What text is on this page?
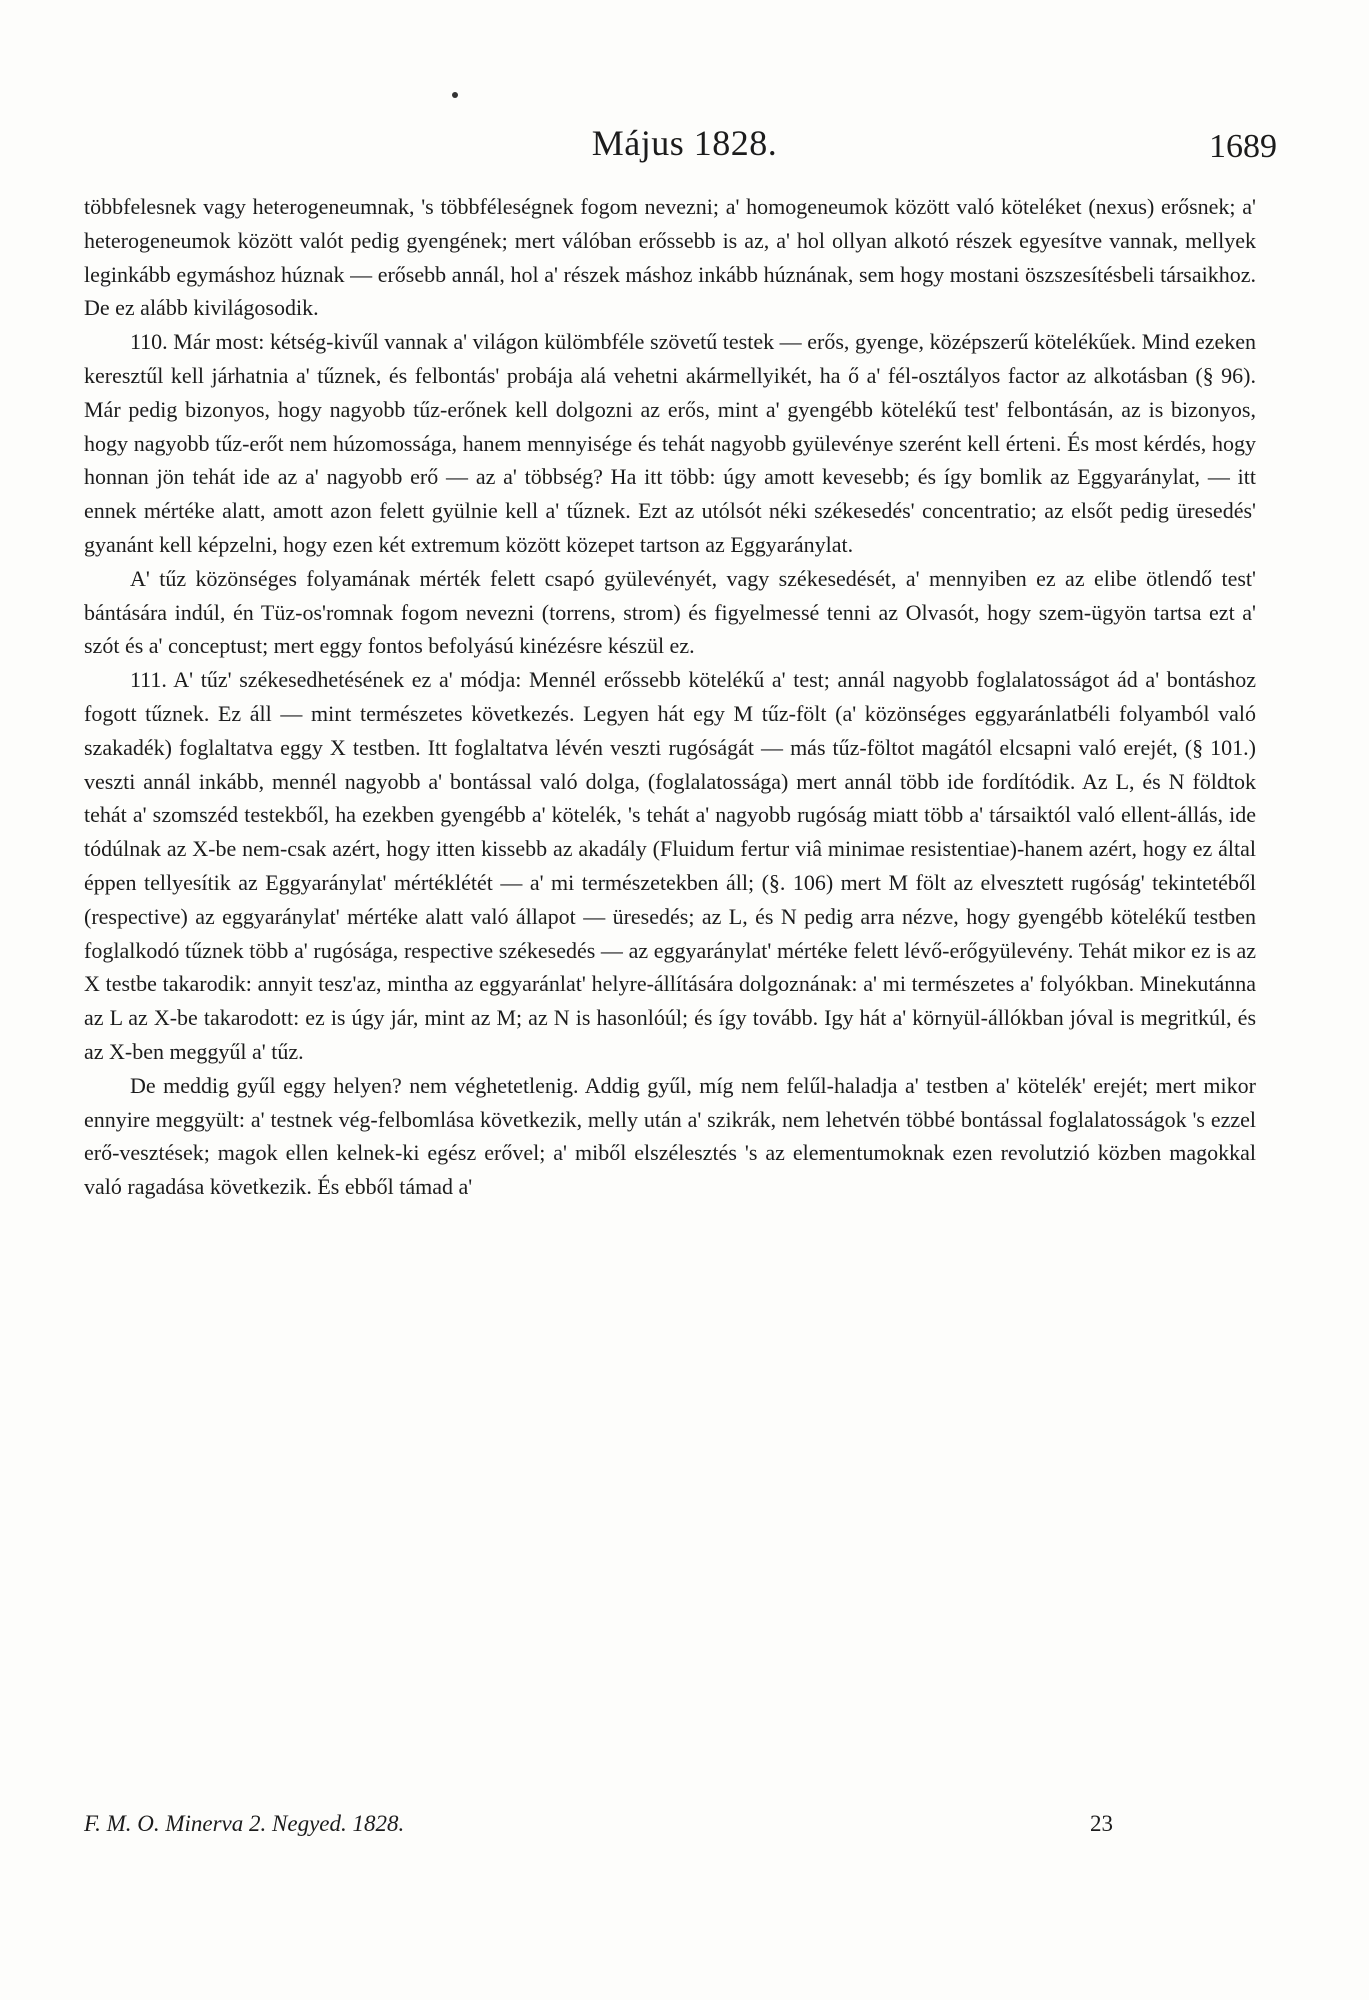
Május 1828.	1689

többfelesnek vagy heterogeneumnak, 's többféleségnek fogom nevezni; a' homogeneumok között való köteléket (nexus) erősnek; a' heterogeneumok között valót pedig gyengének; mert válóban erőssebb is az, a' hol ollyan alkotó részek egyesítve vannak, mellyek leginkább egymáshoz húznak — erősebb annál, hol a' részek máshoz inkább húznának, sem hogy mostani öszszesítésbeli társaikhoz. De ez alább kivilágosodik.

110. Már most: kétség-kivűl vannak a' világon külömbféle szövetű testek — erős, gyenge, középszerű kötelékűek. Mind ezeken keresztűl kell járhatnia a' tűznek, és felbontás' probája alá vehetni akármellyikét, ha ő a' fél-osztályos factor az alkotásban (§ 96). Már pedig bizonyos, hogy nagyobb tűz-erőnek kell dolgozni az erős, mint a' gyengébb kötelékű test' felbontásán, az is bizonyos, hogy nagyobb tűz-erőt nem húzomossága, hanem mennyisége és tehát nagyobb gyülevénye szerént kell érteni. És most kérdés, hogy honnan jön tehát ide az a' nagyobb erő — az a' többség? Ha itt több: úgy amott kevesebb; és így bomlik az Eggyaránylat, — itt ennek mértéke alatt, amott azon felett gyülnie kell a' tűznek. Ezt az utólsót néki székesedés' concentratio; az elsőt pedig üresedés' gyanánt kell képzelni, hogy ezen két extremum között közepet tartson az Eggyaránylat.

A' tűz közönséges folyamának mérték felett csapó gyülevényét, vagy székesedését, a' mennyiben ez az elibe ötlendő test' bántására indúl, én Tüz-os'romnak fogom nevezni (torrens, strom) és figyelmessé tenni az Olvasót, hogy szem-ügyön tartsa ezt a' szót és a' conceptust; mert eggy fontos befolyású kinézésre készül ez.

111. A' tűz' székesedhetésének ez a' módja: Mennél erőssebb kötelékű a' test; annál nagyobb foglalatosságot ád a' bontáshoz fogott tűznek. Ez áll — mint természetes következés. Legyen hát egy M tűz-fölt (a' közönséges eggyaránlatbéli folyamból való szakadék) foglaltatva eggy X testben. Itt foglaltatva lévén veszti rugóságát — más tűz-föltot magától elcsapni való erejét, (§ 101.) veszti annál inkább, mennél nagyobb a' bontással való dolga, (foglalatossága) mert annál több ide fordítódik. Az L, és N földtok tehát a' szomszéd testekből, ha ezekben gyengébb a' kötelék, 's tehát a' nagyobb rugóság miatt több a' társaiktól való ellent-állás, ide tódúlnak az X-be nem-csak azért, hogy itten kissebb az akadály (Fluidum fertur viâ minimae resistentiae)-hanem azért, hogy ez által éppen tellyesítik az Eggyaránylat' mértéklétét — a' mi természetekben áll; (§. 106) mert M fölt az elvesztett rugóság' tekintetéből (respective) az eggyaránylat' mértéke alatt való állapot — üresedés; az L, és N pedig arra nézve, hogy gyengébb kötelékű testben foglalkodó tűznek több a' rugósága, respective székesedés — az eggyaránylat' mértéke felett lévő-erőgyülevény. Tehát mikor ez is az X testbe takarodik: annyit tesz'az, mintha az eggyaránlat' helyre-állítására dolgoznának: a' mi természetes a' folyókban. Minekutánna az L az X-be takarodott: ez is úgy jár, mint az M; az N is hasonlóúl; és így tovább. Igy hát a' környül-állókban jóval is megritkúl, és az X-ben meggyűl a' tűz.

De meddig gyűl eggy helyen? nem véghetetlenig. Addig gyűl, míg nem felűl-haladja a' testben a' kötelék' erejét; mert mikor ennyire meggyült: a' testnek vég-felbomlása következik, melly után a' szikrák, nem lehetvén többé bontással foglalatosságok 's ezzel erő-vesztések; magok ellen kelnek-ki egész erővel; a' miből elszélesztés 's az elementumoknak ezen revolutzió közben magokkal való ragadása következik. És ebből támad a'

F. M. O. Minerva 2. Negyed. 1828.	23
